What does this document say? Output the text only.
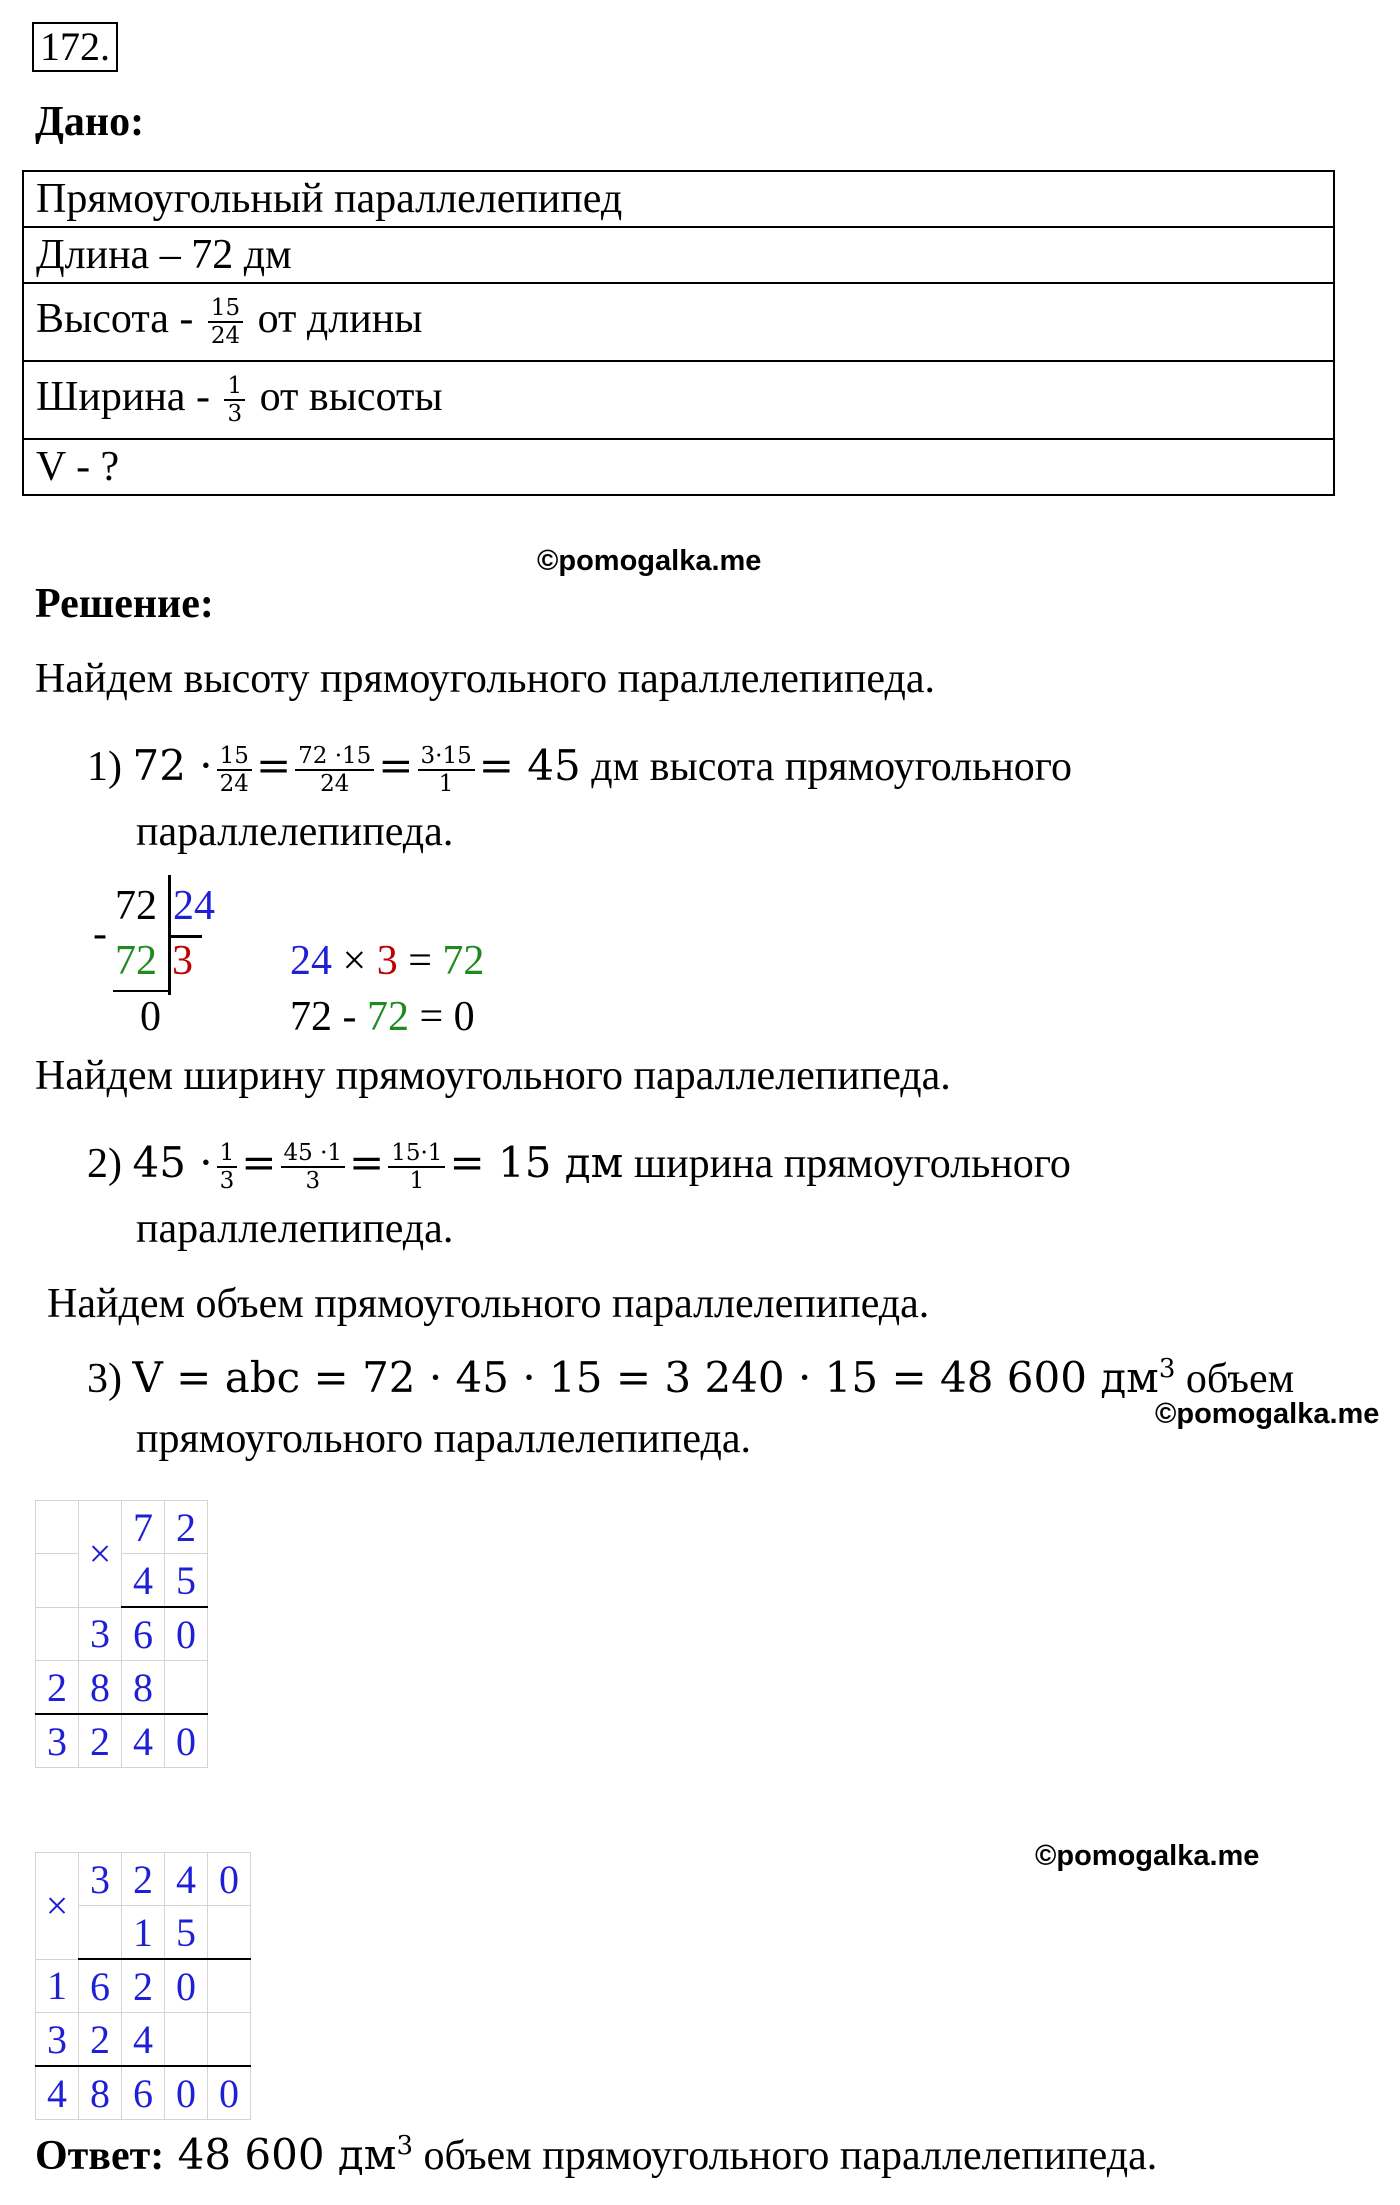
172.
Дано:
Прямоугольный параллелепипед
Длина – 72 дм
Высота - $\frac{15}{24}$ от длины
Ширина - $\frac{1}{3}$ от высоты
V - ?
©pomogalka.me
Решение:
Найдем высоту прямоугольного параллелепипеда.
1) $72 \cdot \frac{15}{24} = \frac{72 \cdot 15}{24} = \frac{3\cdot 15}{1} = 45$ дм высота прямоугольного
параллелепипеда.
-
72 24
72 3
0
24 × 3 = 72
72 - 72 = 0
Найдем ширину прямоугольного параллелепипеда.
2) $45 \cdot \frac{1}{3} = \frac{45 \cdot 1}{3} = \frac{15\cdot 1}{1} = 15$ дм ширина прямоугольного
параллелепипеда.
Найдем объем прямоугольного параллелепипеда.
3) V = abc = 72 · 45 · 15 = 3 240 · 15 = 48 600 $дм^3$ объем
©pomogalka.me
прямоугольного параллелепипеда.
	×	7	2
		4	5
	3	6	0
2	8	8	
3	2	4	0
©pomogalka.me
×	3	2	4	0
		1	5	
1	6	2	0	
3	2	4		
4	8	6	0	0
Ответ: 48 600 $дм^3$ объем прямоугольного параллелепипеда.
